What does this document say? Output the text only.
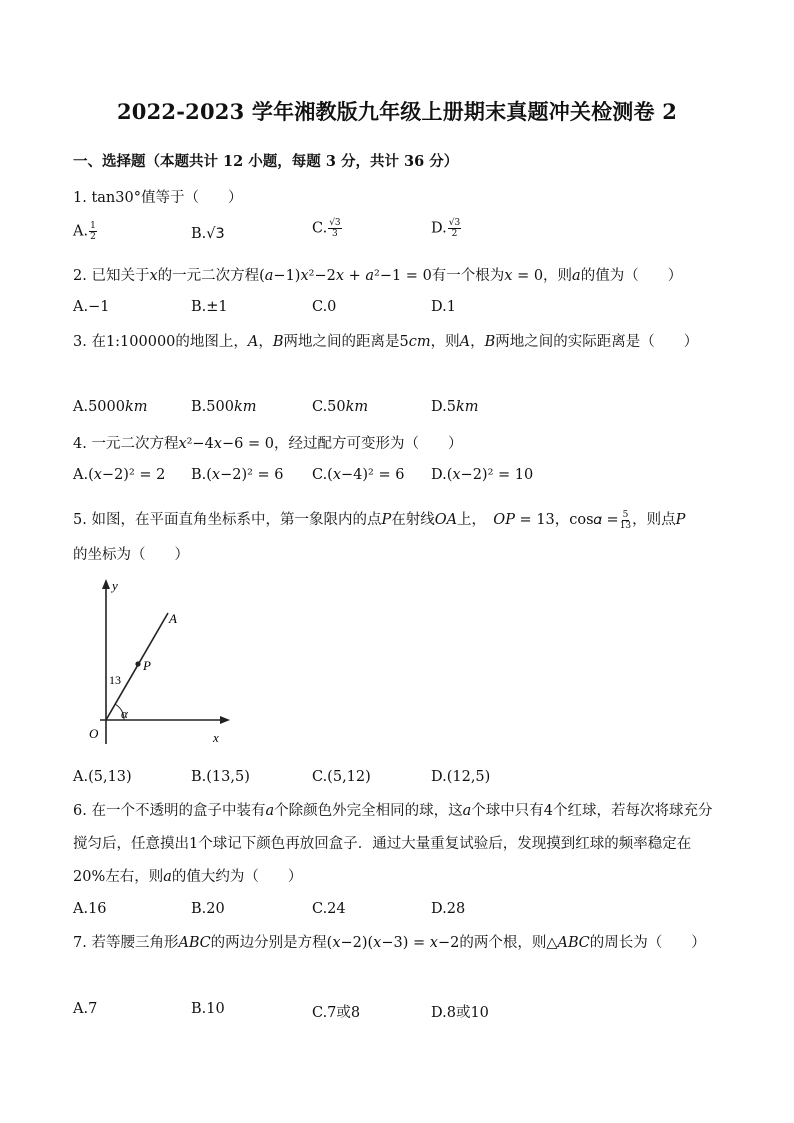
2022-2023 学年湘教版九年级上册期末真题冲关检测卷 2
一、选择题（本题共计 12 小题，每题 3 分，共计 36 分）
1. tan30°值等于（　　）
A. $\frac{1}{2}$	B.√3	C. $\frac{√3}{3}$	D. $\frac{√3}{2}$
2. 已知关于𝑥的一元二次方程(𝑎−1)𝑥²−2𝑥 + 𝑎²−1 = 0有一个根为𝑥 = 0，则𝑎的值为（　　）
A.−1	B.±1	C.0	D.1
3. 在1:100000的地图上，𝐴，𝐵两地之间的距离是5𝑐𝑚，则𝐴，𝐵两地之间的实际距离是（　　）
A.5000𝑘𝑚	B.500𝑘𝑚	C.50𝑘𝑚	D.5𝑘𝑚
4. 一元二次方程𝑥²−4𝑥−6 = 0，经过配方可变形为（　　）
A.(𝑥−2)² = 2 B.(𝑥−2)² = 6 C.(𝑥−4)² = 6 D.(𝑥−2)² = 10
5. 如图，在平面直角坐标系中，第一象限内的点𝑃在射线𝑂𝐴上，　𝑂𝑃 = 13，cos𝛼 = $\frac{5}{13}$ ，则点𝑃
的坐标为（　　）
y
x
A
P
O
13
α
A.(5,13)	B.(13,5)	C.(5,12)	D.(12,5)
6. 在一个不透明的盒子中装有𝑎个除颜色外完全相同的球，这𝑎个球中只有4个红球，若每次将球充分搅匀后，任意摸出1个球记下颜色再放回盒子．通过大量重复试验后，发现摸到红球的频率稳定在20%左右，则𝑎的值大约为（　　）
A.16	B.20	C.24	D.28
7. 若等腰三角形𝐴𝐵𝐶的两边分别是方程(𝑥−2)(𝑥−3) = 𝑥−2的两个根，则△𝐴𝐵𝐶的周长为（　　）
A.7	B.10	C.7或8	D.8或10
